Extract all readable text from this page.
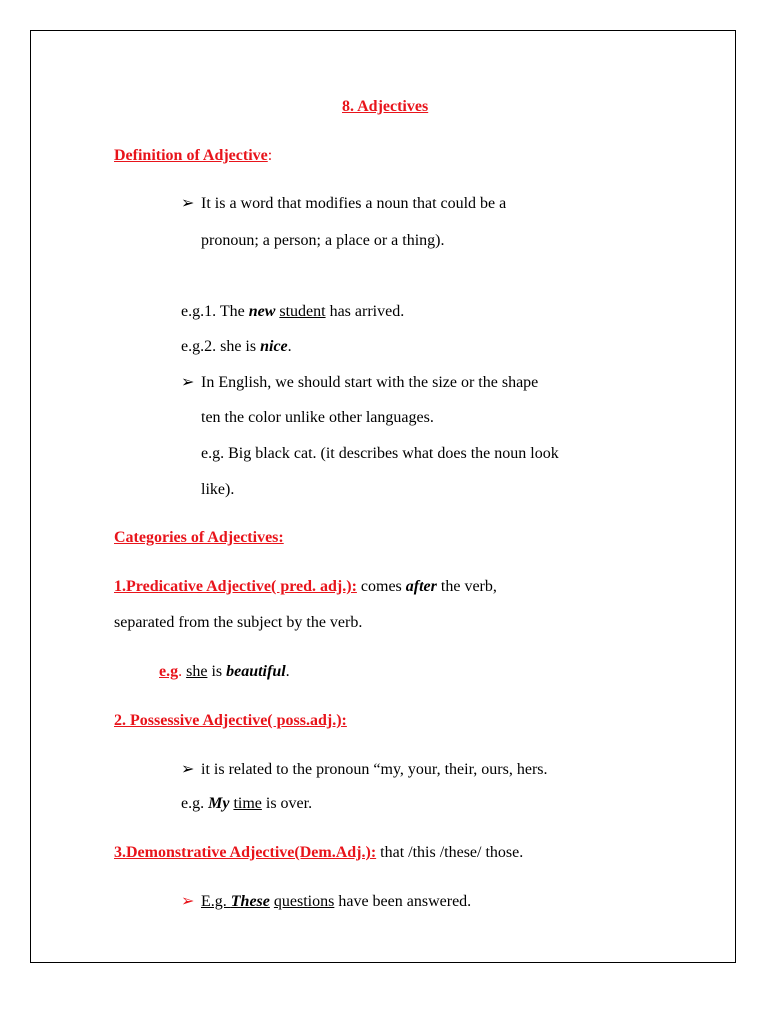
8. Adjectives
Definition of Adjective:
➢ It is a word that modifies a noun that could be a
pronoun; a person; a place or a thing).
e.g.1. The new student has arrived.
e.g.2. she is nice.
➢ In English, we should start with the size or the shape
ten the color unlike other languages.
e.g. Big black cat. (it describes what does the noun look
like).
Categories of Adjectives:
1.Predicative Adjective( pred. adj.): comes after the verb,
separated from the subject by the verb.
e.g. she is beautiful.
2. Possessive Adjective( poss.adj.):
➢ it is related to the pronoun “my, your, their, ours, hers.
e.g. My time is over.
3.Demonstrative Adjective(Dem.Adj.): that /this /these/ those.
➢ E.g. These questions have been answered.
